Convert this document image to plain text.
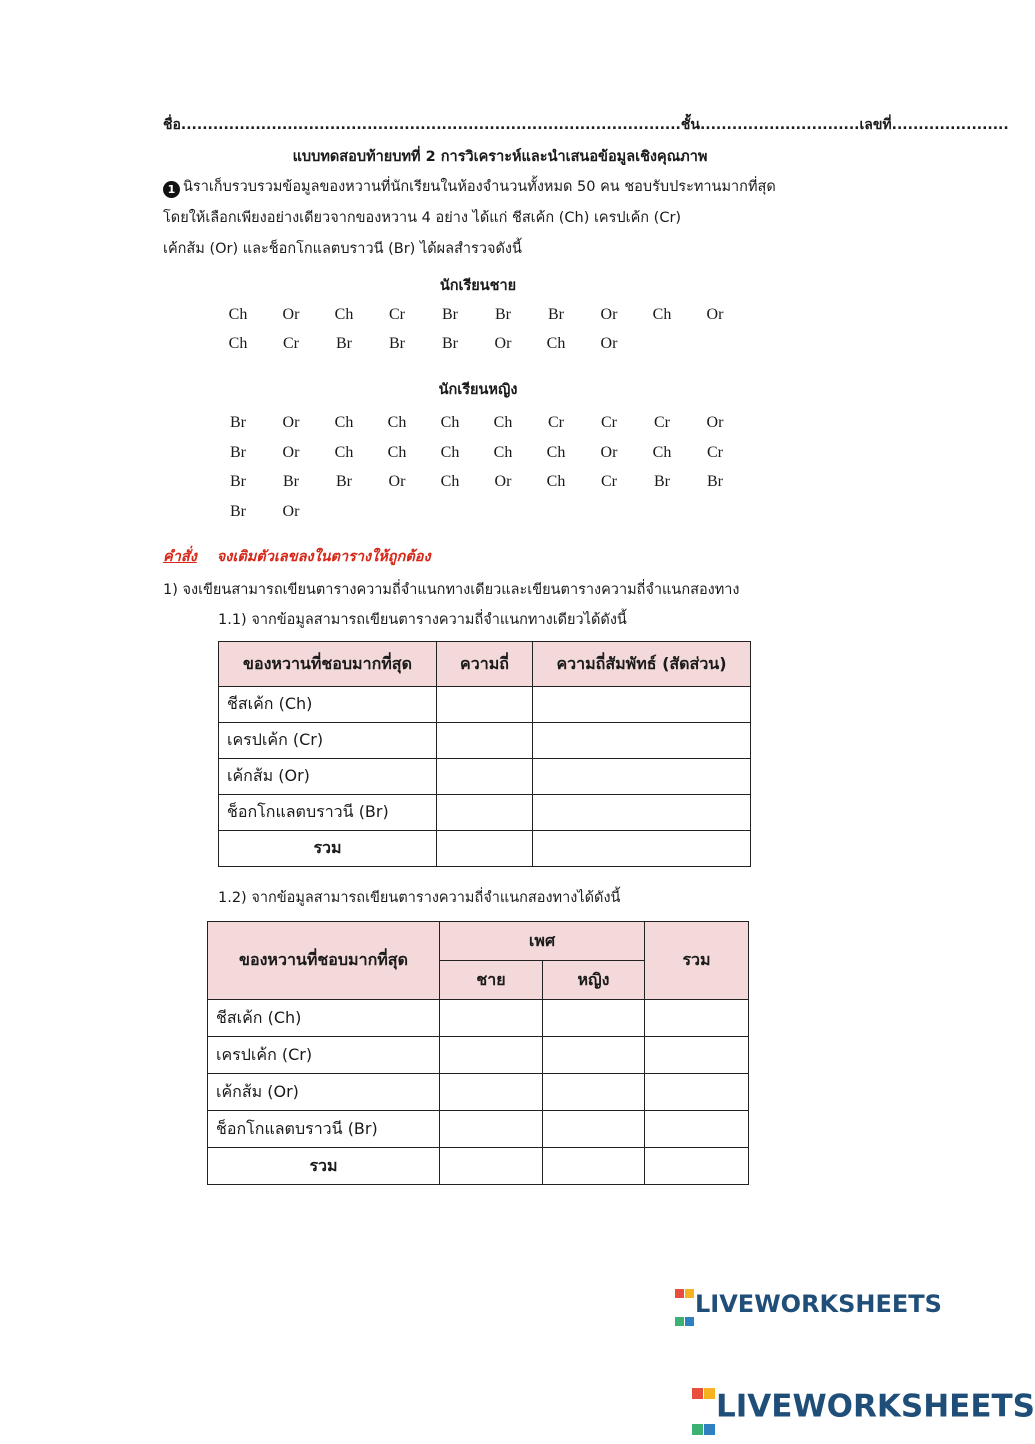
ชื่อ..............................................................................................ชั้น..............................เลขที่......................
แบบทดสอบท้ายบทที่ 2 การวิเคราะห์และนำเสนอข้อมูลเชิงคุณภาพ
1 นิราเก็บรวบรวมข้อมูลของหวานที่นักเรียนในห้องจำนวนทั้งหมด 50 คน ชอบรับประทานมากที่สุด
โดยให้เลือกเพียงอย่างเดียวจากของหวาน 4 อย่าง ได้แก่ ชีสเค้ก (Ch) เครปเค้ก (Cr)
เค้กส้ม (Or) และช็อกโกแลตบราวนี (Br) ได้ผลสำรวจดังนี้
นักเรียนชาย
Ch	Or	Ch	Cr	Br	Br	Br	Or	Ch	Or
Ch	Cr	Br	Br	Br	Or	Ch	Or
นักเรียนหญิง
Br	Or	Ch	Ch	Ch	Ch	Cr	Cr	Cr	Or
Br	Or	Ch	Ch	Ch	Ch	Ch	Or	Ch	Cr
Br	Br	Br	Or	Ch	Or	Ch	Cr	Br	Br
Br	Or
คำสั่ง จงเติมตัวเลขลงในตารางให้ถูกต้อง
1) จงเขียนสามารถเขียนตารางความถี่จำแนกทางเดียวและเขียนตารางความถี่จำแนกสองทาง
1.1) จากข้อมูลสามารถเขียนตารางความถี่จำแนกทางเดียวได้ดังนี้
ของหวานที่ชอบมากที่สุด	ความถี่	ความถี่สัมพัทธ์ (สัดส่วน)
ชีสเค้ก (Ch)		
เครปเค้ก (Cr)		
เค้กส้ม (Or)		
ช็อกโกแลตบราวนี (Br)		
รวม		
1.2) จากข้อมูลสามารถเขียนตารางความถี่จำแนกสองทางได้ดังนี้
ของหวานที่ชอบมากที่สุด	เพศ		รวม
	ชาย	หญิง	
ชีสเค้ก (Ch)			
เครปเค้ก (Cr)			
เค้กส้ม (Or)			
ช็อกโกแลตบราวนี (Br)			
รวม			

LIVEWORKSHEETS

LIVEWORKSHEETS
